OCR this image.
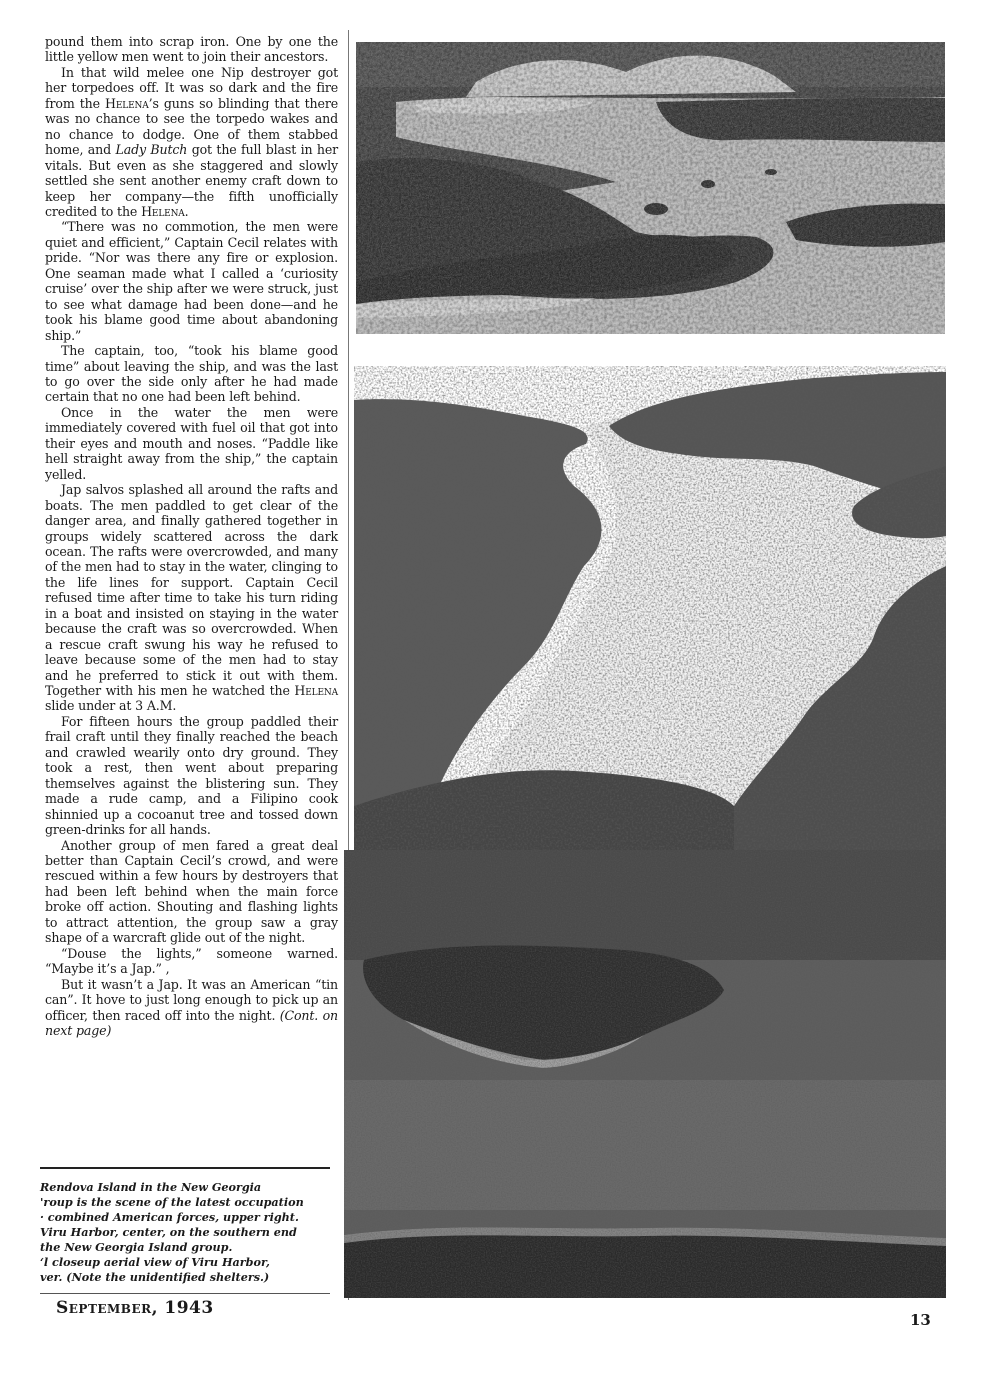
pound them into scrap iron. One by one the little yellow men went to join their ancestors.

In that wild melee one Nip destroyer got her torpedoes off. It was so dark and the fire from the Helena’s guns so blinding that there was no chance to see the torpedo wakes and no chance to dodge. One of them stabbed home, and Lady Butch got the full blast in her vitals. But even as she staggered and slowly settled she sent another enemy craft down to keep her company—the fifth unofficially credited to the Helena.

“There was no commotion, the men were quiet and efficient,” Captain Cecil relates with pride. “Nor was there any fire or explosion. One seaman made what I called a ‘curiosity cruise’ over the ship after we were struck, just to see what damage had been done—and he took his blame good time about abandoning ship.”

The captain, too, “took his blame good time” about leaving the ship, and was the last to go over the side only after he had made certain that no one had been left behind.

Once in the water the men were immediately covered with fuel oil that got into their eyes and mouth and noses. “Paddle like hell straight away from the ship,” the captain yelled.

Jap salvos splashed all around the rafts and boats. The men paddled to get clear of the danger area, and finally gathered together in groups widely scattered across the dark ocean. The rafts were overcrowded, and many of the men had to stay in the water, clinging to the life lines for support. Captain Cecil refused time after time to take his turn riding in a boat and insisted on staying in the water because the craft was so overcrowded. When a rescue craft swung his way he refused to leave because some of the men had to stay and he preferred to stick it out with them. Together with his men he watched the Helena slide under at 3 A.M.

For fifteen hours the group paddled their frail craft until they finally reached the beach and crawled wearily onto dry ground. They took a rest, then went about preparing themselves against the blistering sun. They made a rude camp, and a Filipino cook shinnied up a cocoanut tree and tossed down green-drinks for all hands.

Another group of men fared a great deal better than Captain Cecil’s crowd, and were rescued within a few hours by destroyers that had been left behind when the main force broke off action. Shouting and flashing lights to attract attention, the group saw a gray shape of a warcraft glide out of the night.

“Douse the lights,” someone warned. “Maybe it’s a Jap.” ,

But it wasn’t a Jap. It was an American “tin can”. It hove to just long enough to pick up an officer, then raced off into the night. (Cont. on next page)

Rendova Island in the New Georgia
'roup is the scene of the latest occupation
· combined American forces, upper right.
Viru Harbor, center, on the southern end
the New Georgia Island group.
‘l closeup aerial view of Viru Harbor,
ver. (Note the unidentified shelters.)
September, 1943
13
